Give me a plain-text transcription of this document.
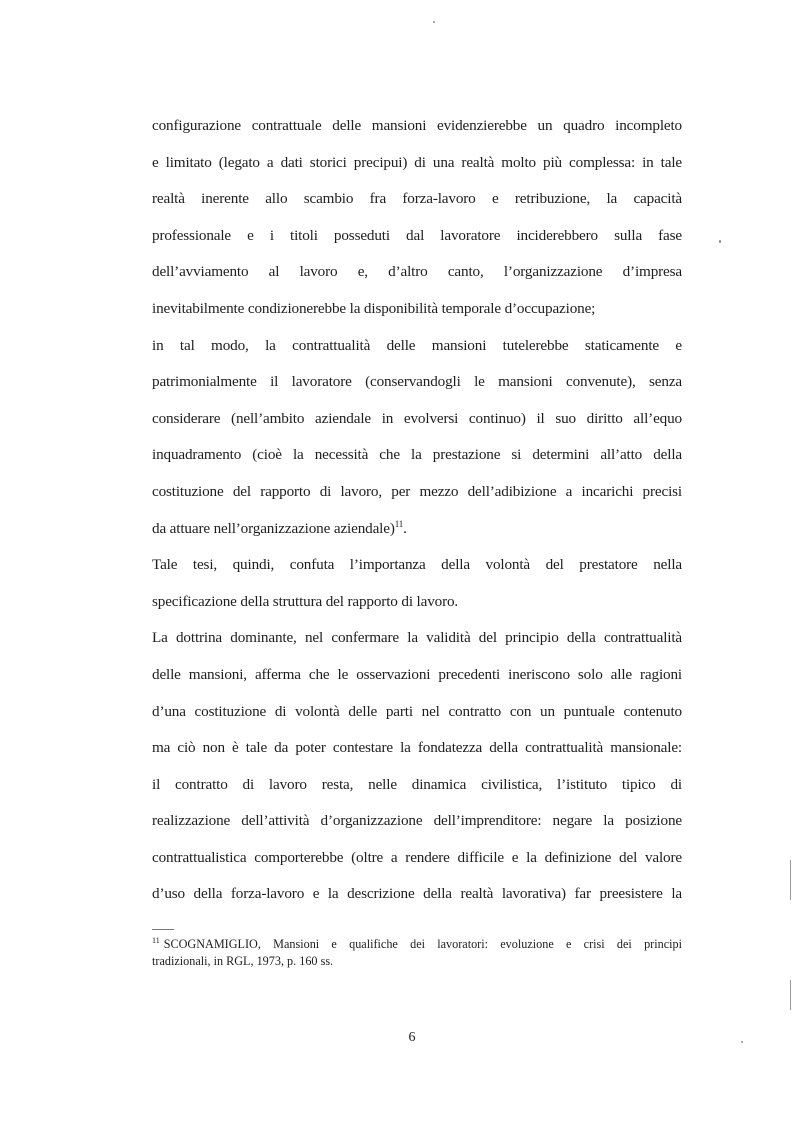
configurazione contrattuale delle mansioni evidenzierebbe un quadro incompleto
e limitato (legato a dati storici precipui) di una realtà molto più complessa: in tale
realtà inerente allo scambio fra forza-lavoro e retribuzione, la capacità
professionale e i titoli posseduti dal lavoratore inciderebbero sulla fase
dell’avviamento al lavoro e, d’altro canto, l’organizzazione d’impresa
inevitabilmente condizionerebbe la disponibilità temporale d’occupazione;
in tal modo, la contrattualità delle mansioni tutelerebbe staticamente e
patrimonialmente il lavoratore (conservandogli le mansioni convenute), senza
considerare (nell’ambito aziendale in evolversi continuo) il suo diritto all’equo
inquadramento (cioè la necessità che la prestazione si determini all’atto della
costituzione del rapporto di lavoro, per mezzo dell’adibizione a incarichi precisi
da attuare nell’organizzazione aziendale)$^{11}$.
Tale tesi, quindi, confuta l’importanza della volontà del prestatore nella
specificazione della struttura del rapporto di lavoro.
La dottrina dominante, nel confermare la validità del principio della contrattualità
delle mansioni, afferma che le osservazioni precedenti ineriscono solo alle ragioni
d’una costituzione di volontà delle parti nel contratto con un puntuale contenuto
ma ciò non è tale da poter contestare la fondatezza della contrattualità mansionale:
il contratto di lavoro resta, nelle dinamica civilistica, l’istituto tipico di
realizzazione dell’attività d’organizzazione dell’imprenditore: negare la posizione
contrattualistica comporterebbe (oltre a rendere difficile e la definizione del valore
d’uso della forza-lavoro e la descrizione della realtà lavorativa) far preesistere la
$^{11}$ SCOGNAMIGLIO, Mansioni e qualifiche dei lavoratori: evoluzione e crisi dei principi
tradizionali, in RGL, 1973, p. 160 ss.
6
